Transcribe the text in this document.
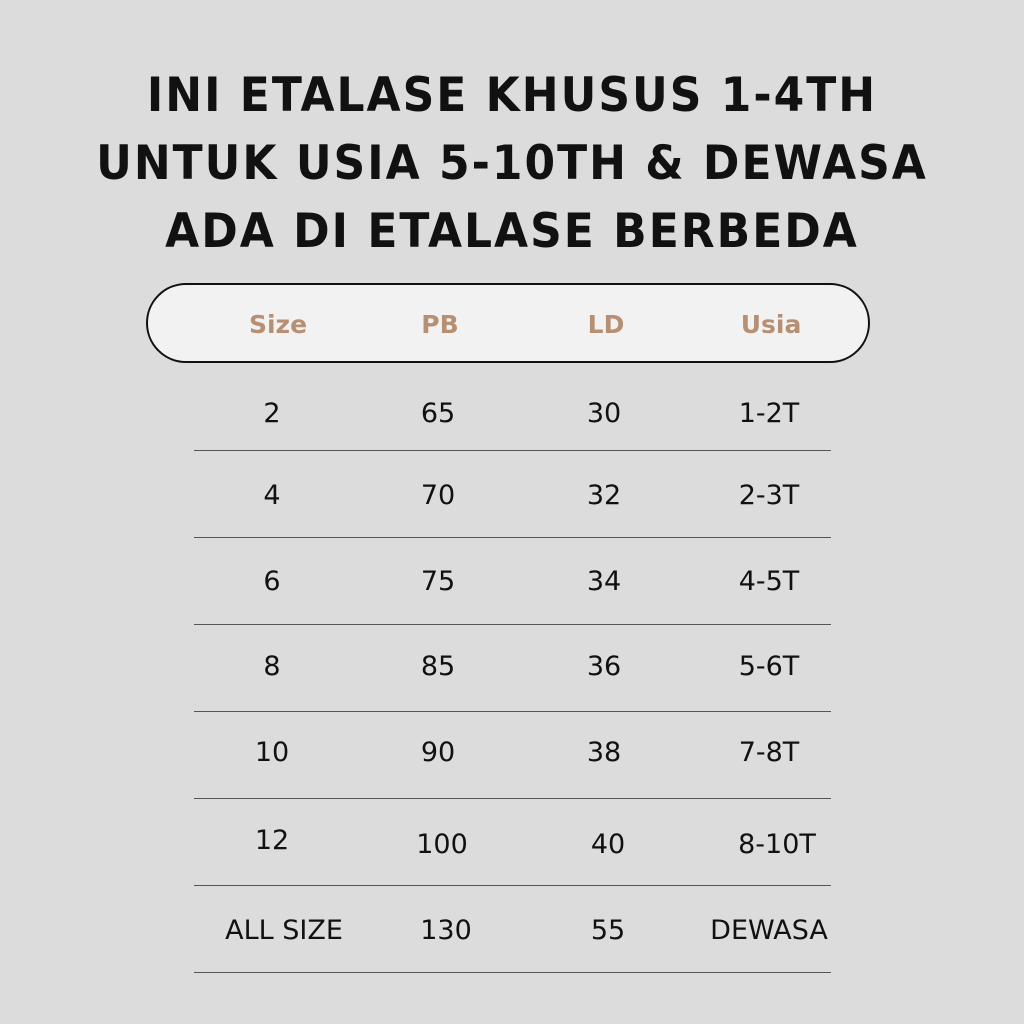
INI ETALASE KHUSUS 1-4TH
UNTUK USIA 5-10TH & DEWASA
ADA DI ETALASE BERBEDA
Size	PB	LD	Usia
2	65	30	1-2T
4	70	32	2-3T
6	75	34	4-5T
8	85	36	5-6T
10	90	38	7-8T
12	100	40	8-10T
ALL SIZE	130	55	DEWASA
